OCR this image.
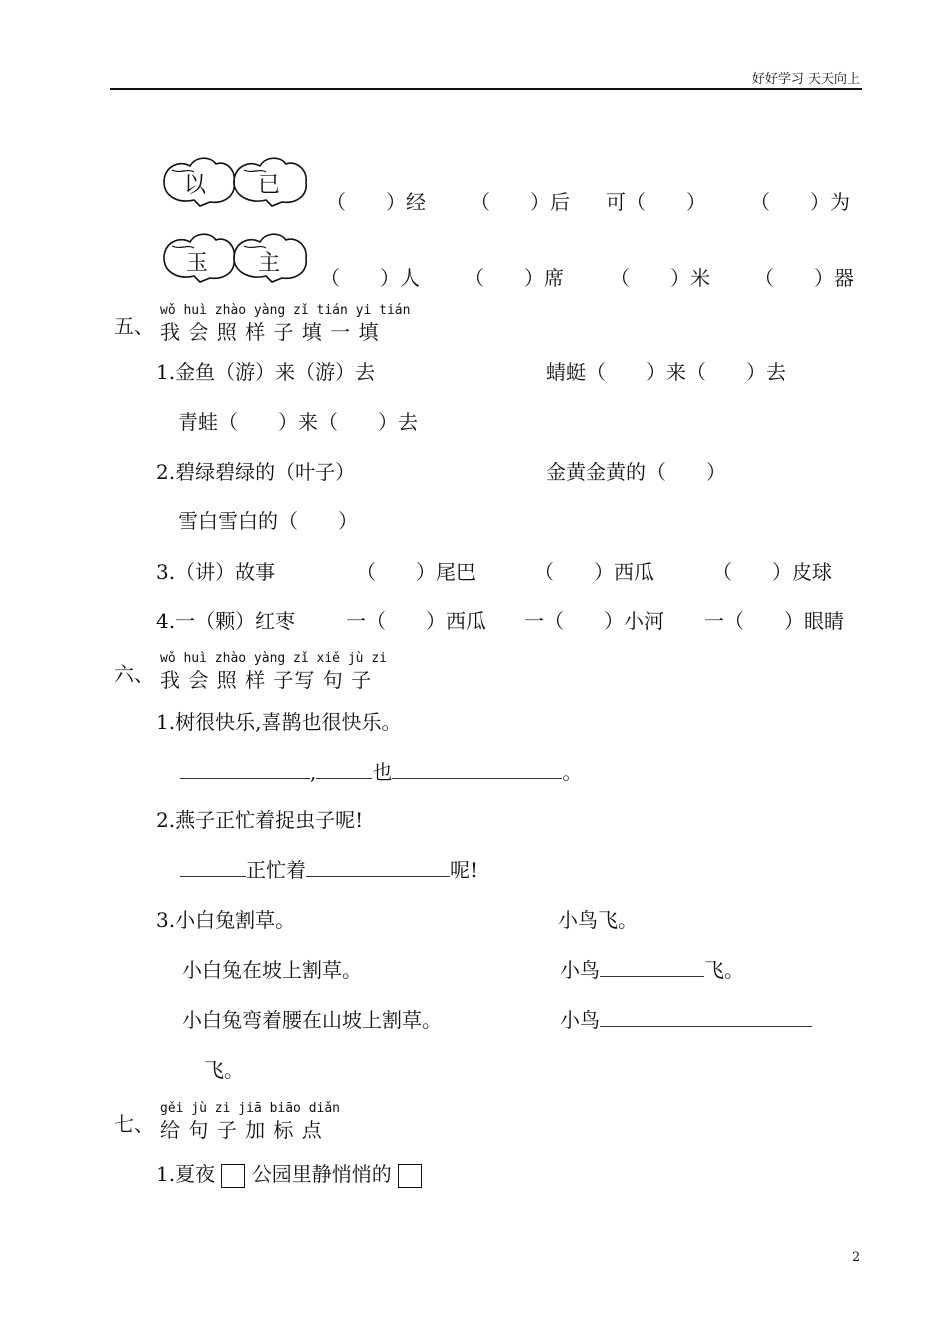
好好学习 天天向上
以 已
（　　）经 （　　）后 可（　　） （　　）为
玉 主
（　　）人 （　　）席 （　　）米 （　　）器
五、
wǒ huì zhào yàng zǐ tián yi tián
我 会 照 样 子 填 一 填
1.金鱼（游）来（游）去	蜻蜓（　　）来（　　）去
青蛙（　　）来（　　）去
2.碧绿碧绿的（叶子）	金黄金黄的（　　）
雪白雪白的（　　）
3.（讲）故事	（　　）尾巴	（　　）西瓜	（　　）皮球
4.一（颗）红枣	一（　　）西瓜 一（　　）小河 一（　　）眼睛
六、
wǒ huì zhào yàng zǐ xiě jù zi
我 会 照 样 子写 句 子
1.树很快乐,喜鹊也很快乐。
,	也	。
2.燕子正忙着捉虫子呢!
正忙着	呢!
3.小白兔割草。	小鸟飞。
小白兔在坡上割草。	小鸟	飞。
小白兔弯着腰在山坡上割草。	小鸟
飞。
七、
gěi jù zi jiā biāo diǎn
给 句 子 加 标 点
1.夏夜 公园里静悄悄的
2
